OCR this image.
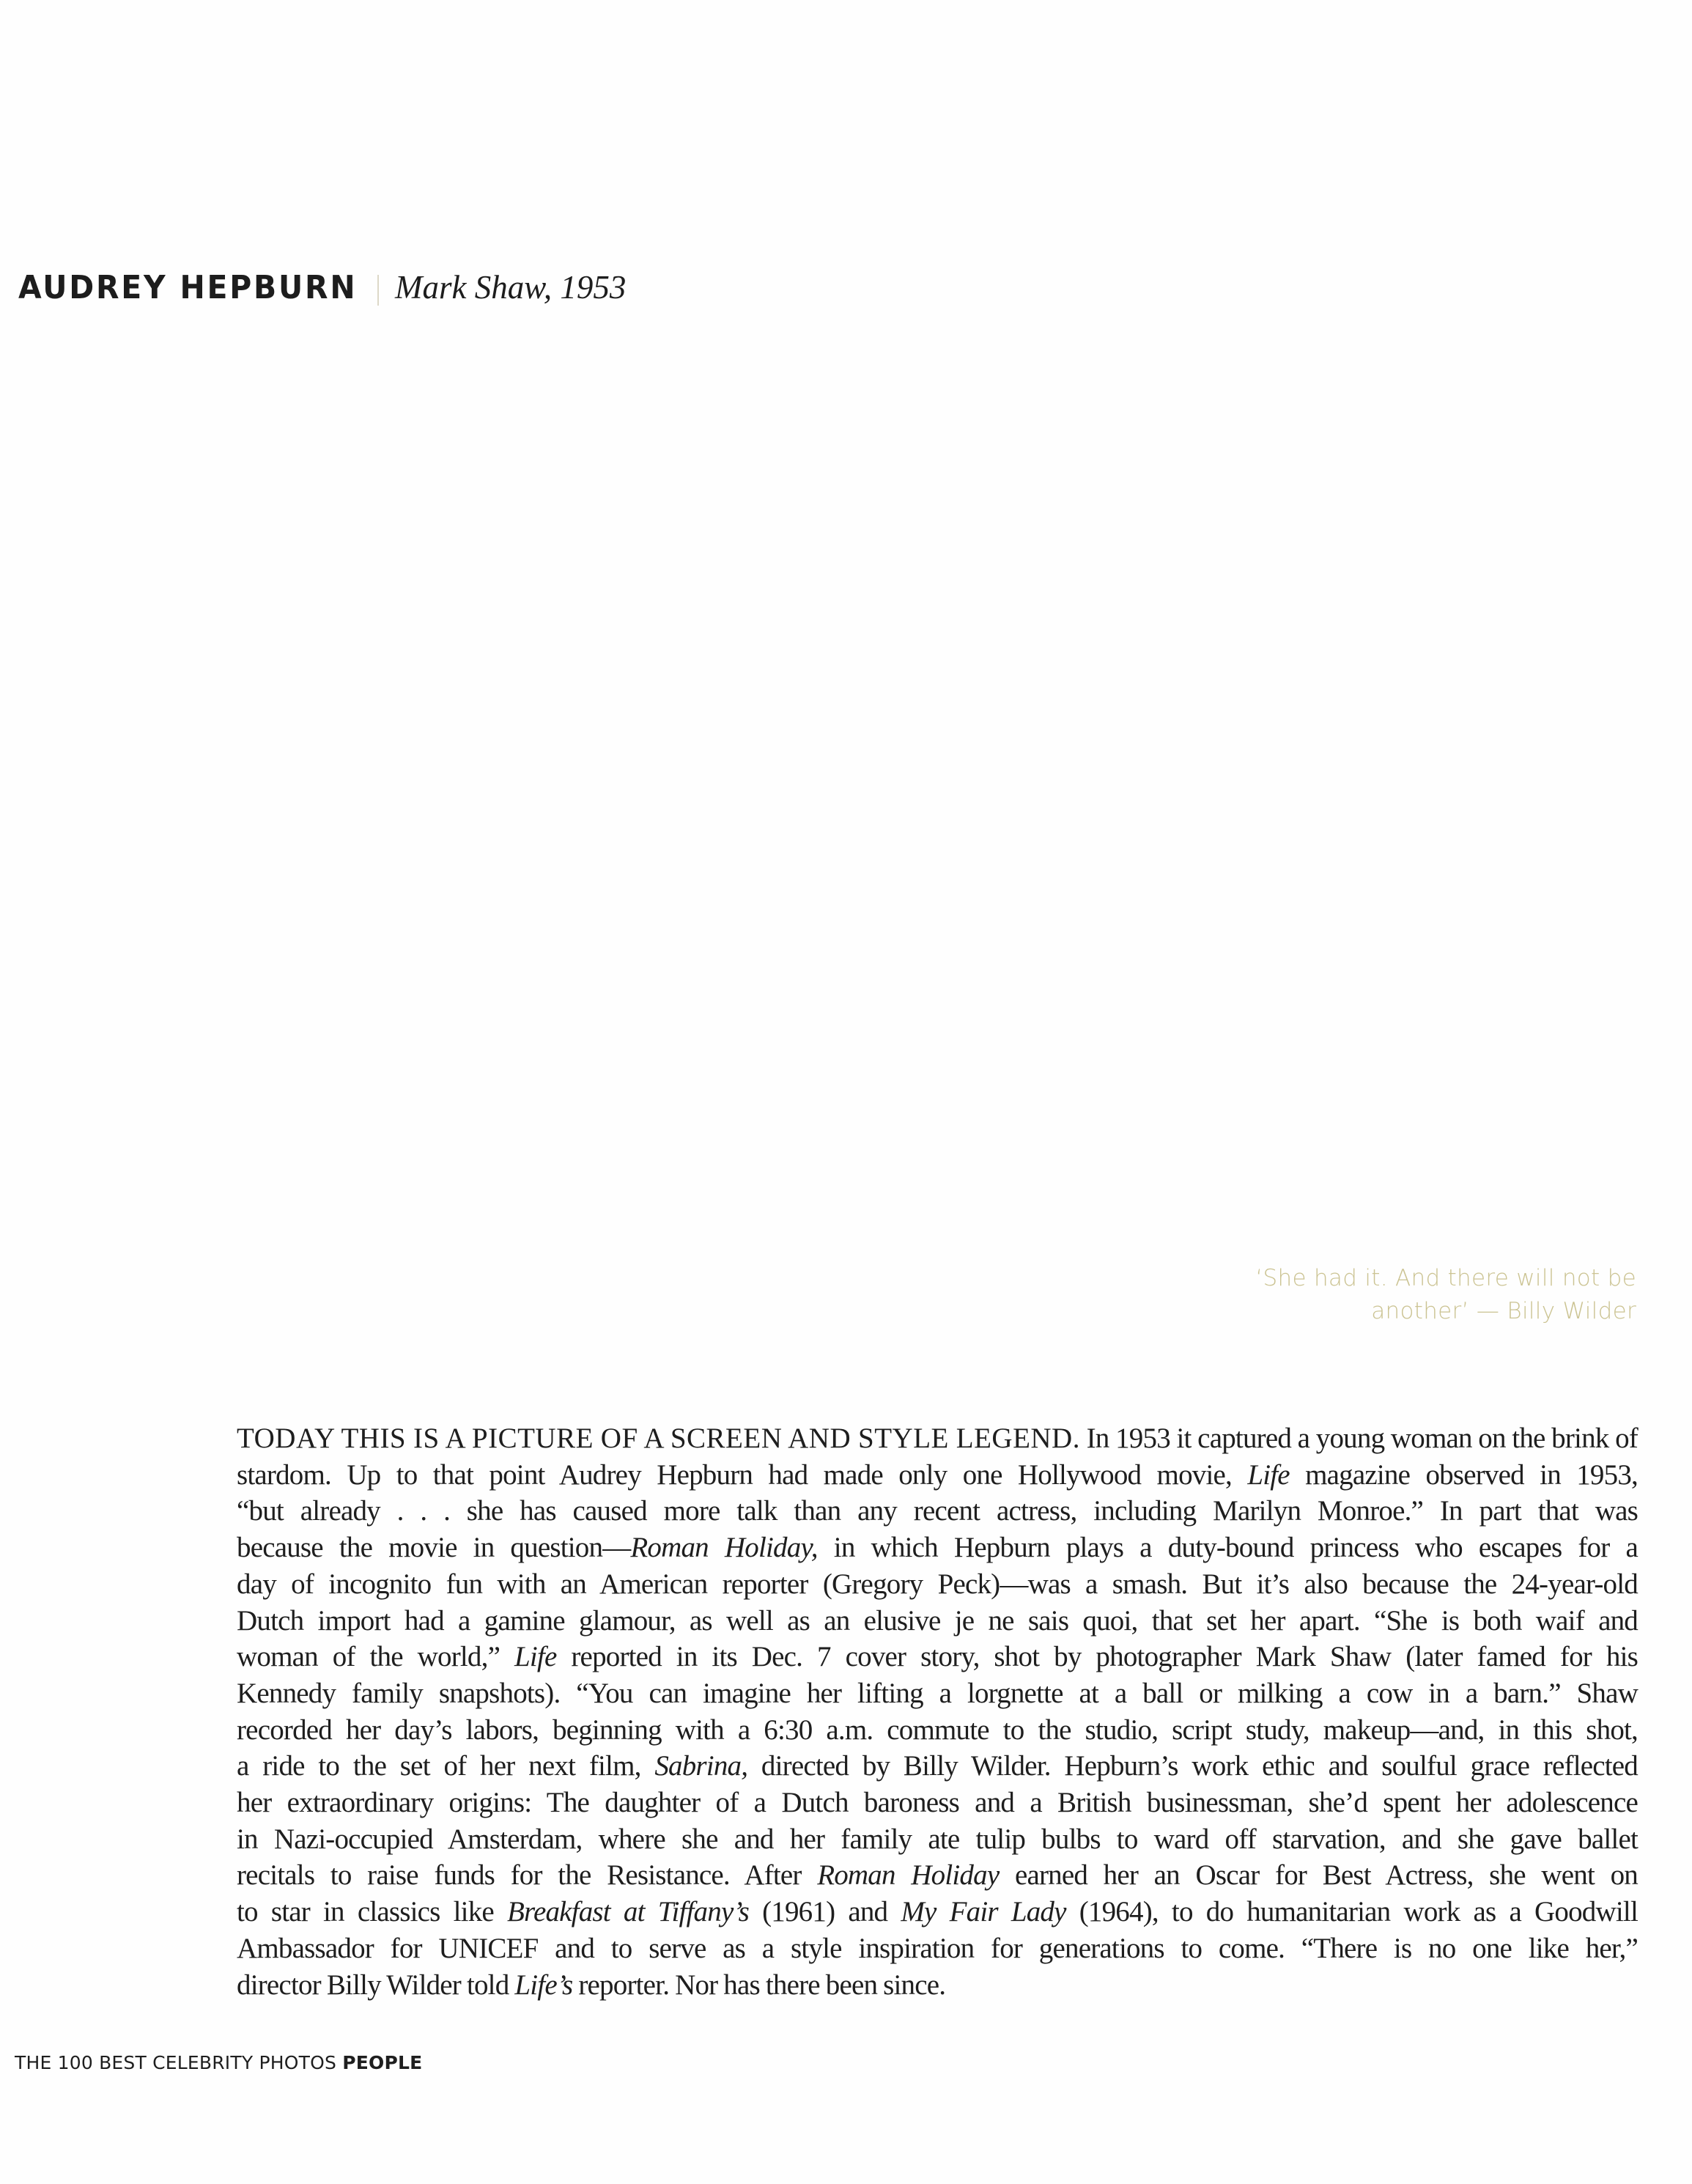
AUDREY HEPBURN Mark Shaw, 1953
‘She had it. And there will not be
another’ — Billy Wilder
TODAY THIS IS A PICTURE OF A SCREEN AND STYLE LEGEND. In 1953 it captured a young woman on the brink of
stardom. Up to that point Audrey Hepburn had made only one Hollywood movie, Life magazine observed in 1953,
“but already . . . she has caused more talk than any recent actress, including Marilyn Monroe.” In part that was
because the movie in question—Roman Holiday, in which Hepburn plays a duty-bound princess who escapes for a
day of incognito fun with an American reporter (Gregory Peck)—was a smash. But it’s also because the 24-year-old
Dutch import had a gamine glamour, as well as an elusive je ne sais quoi, that set her apart. “She is both waif and
woman of the world,” Life reported in its Dec. 7 cover story, shot by photographer Mark Shaw (later famed for his
Kennedy family snapshots). “You can imagine her lifting a lorgnette at a ball or milking a cow in a barn.” Shaw
recorded her day’s labors, beginning with a 6:30 a.m. commute to the studio, script study, makeup—and, in this shot,
a ride to the set of her next film, Sabrina, directed by Billy Wilder. Hepburn’s work ethic and soulful grace reflected
her extraordinary origins: The daughter of a Dutch baroness and a British businessman, she’d spent her adolescence
in Nazi-occupied Amsterdam, where she and her family ate tulip bulbs to ward off starvation, and she gave ballet
recitals to raise funds for the Resistance. After Roman Holiday earned her an Oscar for Best Actress, she went on
to star in classics like Breakfast at Tiffany’s (1961) and My Fair Lady (1964), to do humanitarian work as a Goodwill
Ambassador for UNICEF and to serve as a style inspiration for generations to come. “There is no one like her,”
director Billy Wilder told Life’s reporter. Nor has there been since.
THE 100 BEST CELEBRITY PHOTOS PEOPLE
